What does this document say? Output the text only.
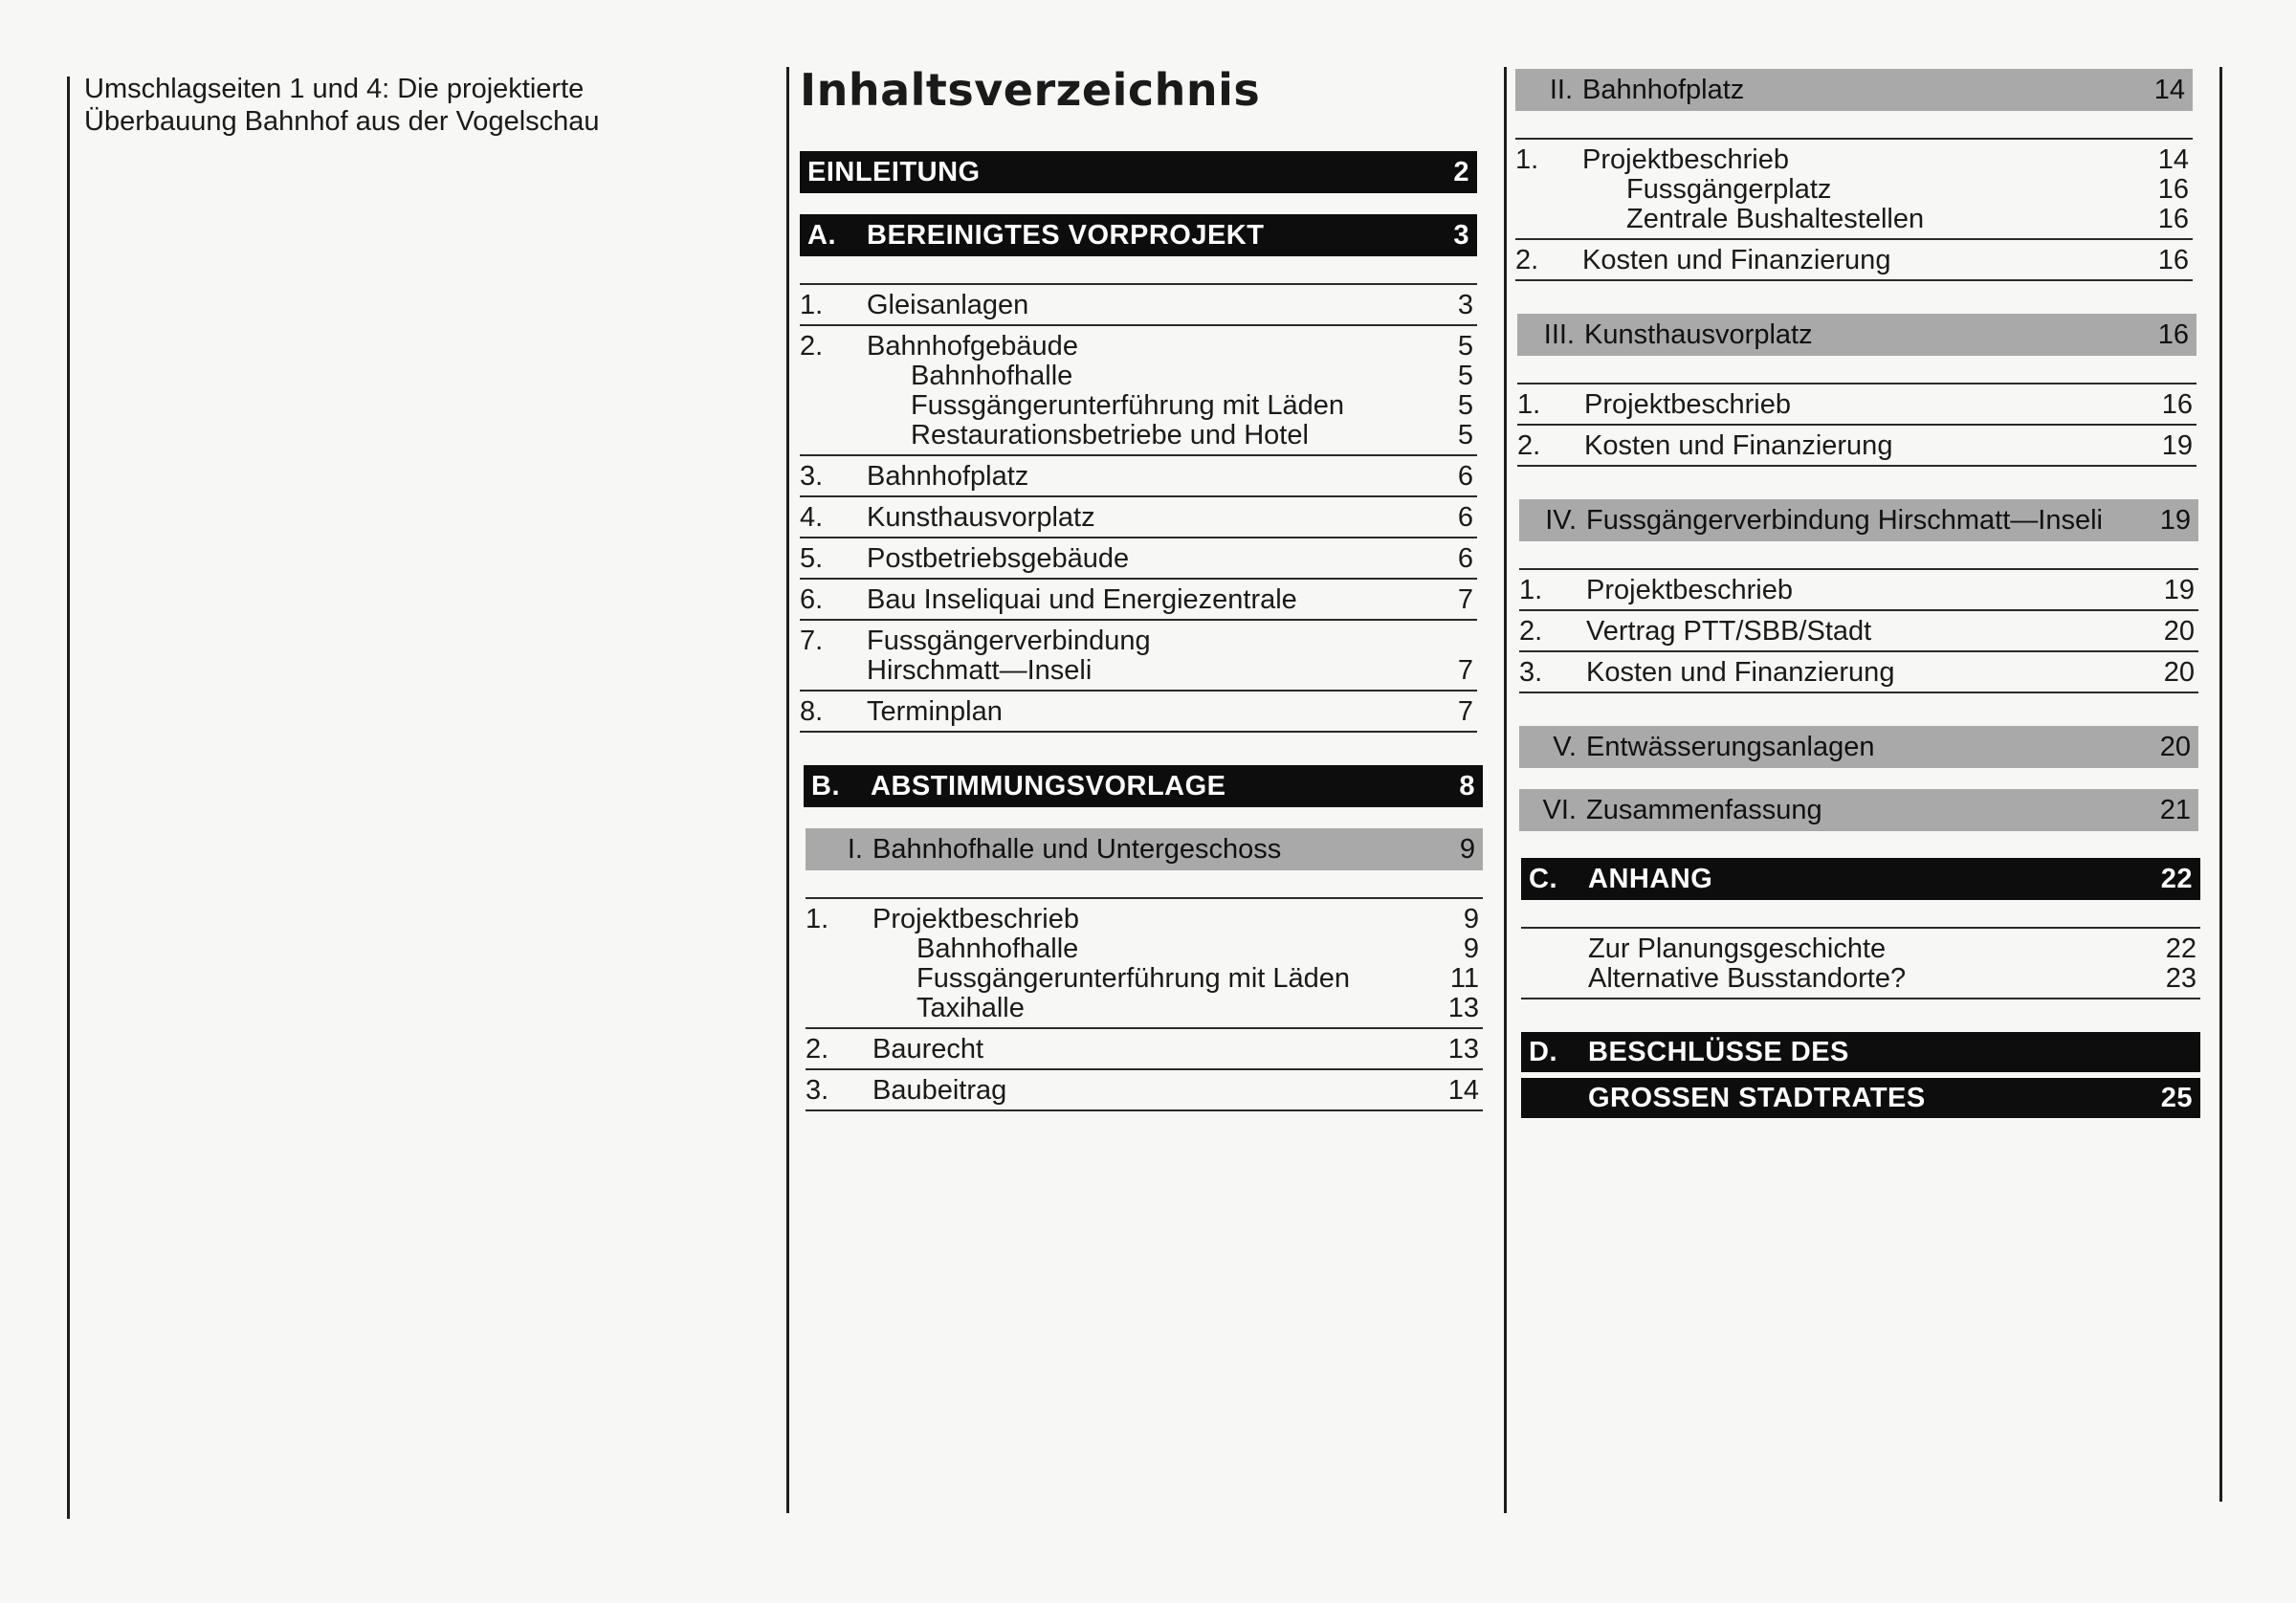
Umschlagseiten 1 und 4: Die projektierte
Überbauung Bahnhof aus der Vogelschau
Inhaltsverzeichnis
EINLEITUNG	2
A.	BEREINIGTES VORPROJEKT	3
1.	Gleisanlagen	3
2.	Bahnhofgebäude	5
Bahnhofhalle	5
Fussgängerunterführung mit Läden	5
Restaurationsbetriebe und Hotel	5
3.	Bahnhofplatz	6
4.	Kunsthausvorplatz	6
5.	Postbetriebsgebäude	6
6.	Bau Inseliquai und Energiezentrale	7
7.	Fussgängerverbindung
Hirschmatt—Inseli	7
8.	Terminplan	7
B.	ABSTIMMUNGSVORLAGE	8
I. Bahnhofhalle und Untergeschoss	9
1.	Projektbeschrieb	9
Bahnhofhalle	9
Fussgängerunterführung mit Läden	11
Taxihalle	13
2.	Baurecht	13
3.	Baubeitrag	14
II. Bahnhofplatz	14
1.	Projektbeschrieb	14
Fussgängerplatz	16
Zentrale Bushaltestellen	16
2.	Kosten und Finanzierung	16
III. Kunsthausvorplatz	16
1.	Projektbeschrieb	16
2.	Kosten und Finanzierung	19
IV. Fussgängerverbindung Hirschmatt—Inseli	19
1.	Projektbeschrieb	19
2.	Vertrag PTT/SBB/Stadt	20
3.	Kosten und Finanzierung	20
V. Entwässerungsanlagen	20
VI. Zusammenfassung	21
C.	ANHANG	22
Zur Planungsgeschichte	22
Alternative Busstandorte?	23
D.	BESCHLÜSSE DES
GROSSEN STADTRATES	25
